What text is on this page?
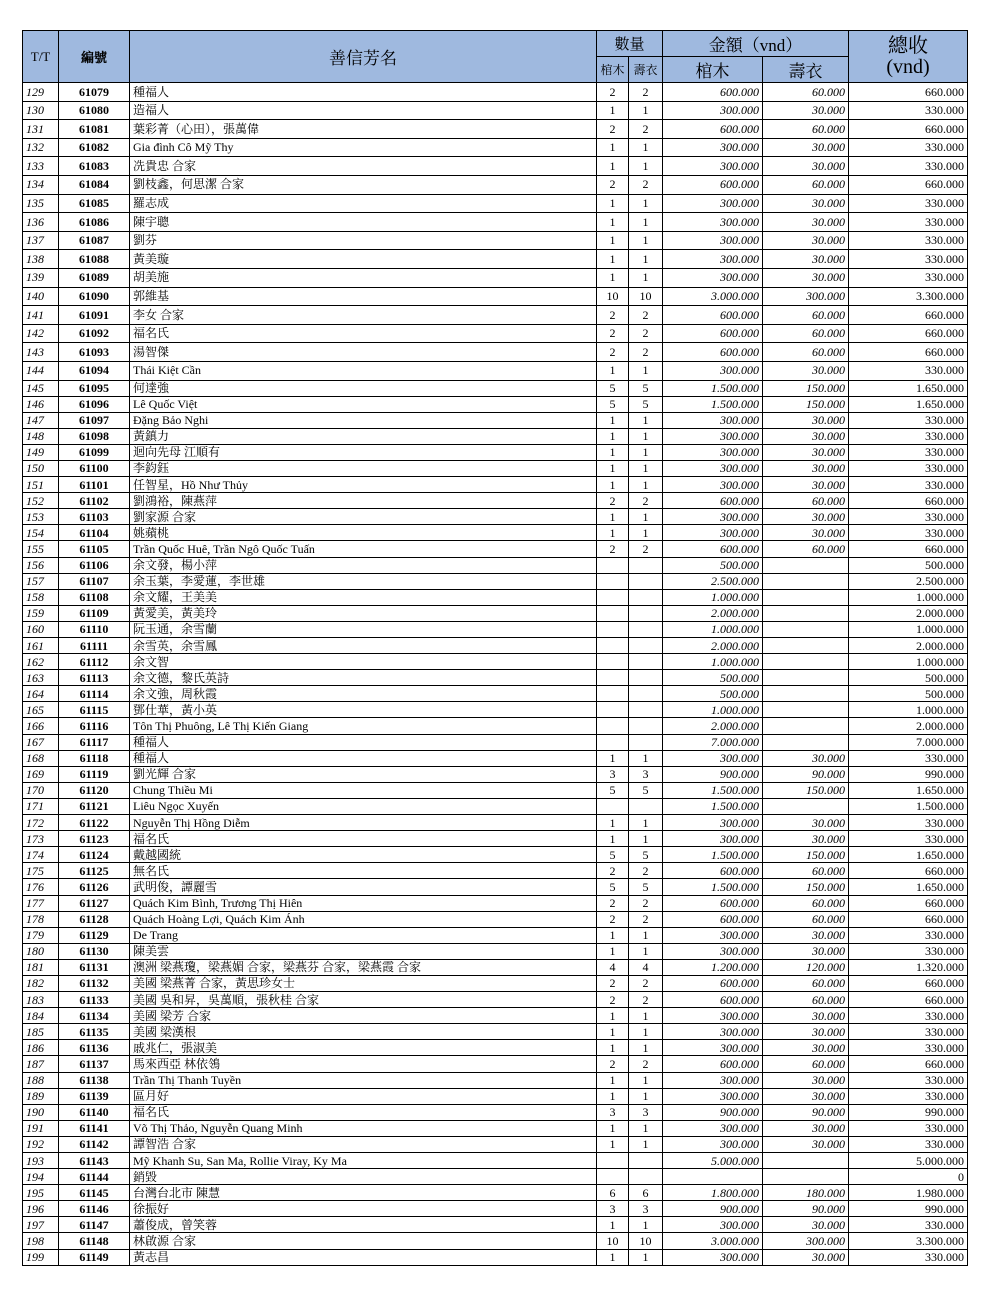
T/T	編號	善信芳名	數量		金額（vnd）		總收
(vnd)

			棺木	壽衣	棺木	壽衣	
129	61079	種福人	2	2	600.000	60.000	660.000
130	61080	造福人	1	1	300.000	30.000	330.000
131	61081	葉彩菁（心田），張萬偉	2	2	600.000	60.000	660.000
132	61082	Gia đình Cô Mỹ Thy	1	1	300.000	30.000	330.000
133	61083	冼貴忠 合家	1	1	300.000	30.000	330.000
134	61084	劉枝鑫，何思潔 合家	2	2	600.000	60.000	660.000
135	61085	羅志成	1	1	300.000	30.000	330.000
136	61086	陳宇聰	1	1	300.000	30.000	330.000
137	61087	劉芬	1	1	300.000	30.000	330.000
138	61088	黃美璇	1	1	300.000	30.000	330.000
139	61089	胡美施	1	1	300.000	30.000	330.000
140	61090	郭維基	10	10	3.000.000	300.000	3.300.000
141	61091	李女 合家	2	2	600.000	60.000	660.000
142	61092	福名氏	2	2	600.000	60.000	660.000
143	61093	湯智傑	2	2	600.000	60.000	660.000
144	61094	Thái Kiệt Cần	1	1	300.000	30.000	330.000
145	61095	何達強	5	5	1.500.000	150.000	1.650.000
146	61096	Lê Quốc Việt	5	5	1.500.000	150.000	1.650.000
147	61097	Đặng Bảo Nghi	1	1	300.000	30.000	330.000
148	61098	黃鎮力	1	1	300.000	30.000	330.000
149	61099	迴向先母 江順有	1	1	300.000	30.000	330.000
150	61100	李鈞鈺	1	1	300.000	30.000	330.000
151	61101	任智星，Hồ Như Thủy	1	1	300.000	30.000	330.000
152	61102	劉鴻裕，陳燕萍	2	2	600.000	60.000	660.000
153	61103	劉家源 合家	1	1	300.000	30.000	330.000
154	61104	姚蘋桃	1	1	300.000	30.000	330.000
155	61105	Trần Quốc Huê, Trần Ngô Quốc Tuấn	2	2	600.000	60.000	660.000
156	61106	余文發，楊小萍			500.000		500.000
157	61107	余玉葉，李愛蓮，李世雄			2.500.000		2.500.000
158	61108	余文耀，王美美			1.000.000		1.000.000
159	61109	黃愛美，黃美玲			2.000.000		2.000.000
160	61110	阮玉通，余雪蘭			1.000.000		1.000.000
161	61111	余雪英，余雪鳳			2.000.000		2.000.000
162	61112	余文智			1.000.000		1.000.000
163	61113	余文德，黎氏英詩			500.000		500.000
164	61114	余文強，周秋霞			500.000		500.000
165	61115	鄧仕華，黃小英			1.000.000		1.000.000
166	61116	Tôn Thị Phuông, Lê Thị Kiến Giang			2.000.000		2.000.000
167	61117	種福人			7.000.000		7.000.000
168	61118	種福人	1	1	300.000	30.000	330.000
169	61119	劉光輝 合家	3	3	900.000	90.000	990.000
170	61120	Chung Thiều Mi	5	5	1.500.000	150.000	1.650.000
171	61121	Liêu Ngọc Xuyến			1.500.000		1.500.000
172	61122	Nguyễn Thị Hồng Diễm	1	1	300.000	30.000	330.000
173	61123	福名氏	1	1	300.000	30.000	330.000
174	61124	戴越國統	5	5	1.500.000	150.000	1.650.000
175	61125	無名氏	2	2	600.000	60.000	660.000
176	61126	武明俊，譚麗雪	5	5	1.500.000	150.000	1.650.000
177	61127	Quách Kim Bình, Trương Thị Hiên	2	2	600.000	60.000	660.000
178	61128	Quách Hoàng Lợi, Quách Kim Ánh	2	2	600.000	60.000	660.000
179	61129	De Trang	1	1	300.000	30.000	330.000
180	61130	陳美雲	1	1	300.000	30.000	330.000
181	61131	澳洲 梁燕瓊，梁燕媚 合家，梁燕芬 合家，梁燕霞 合家	4	4	1.200.000	120.000	1.320.000
182	61132	美國 梁燕菁 合家，黃思珍女士	2	2	600.000	60.000	660.000
183	61133	美國 吳和昇，吳萬順，張秋桂 合家	2	2	600.000	60.000	660.000
184	61134	美國 梁芳 合家	1	1	300.000	30.000	330.000
185	61135	美國 梁漢根	1	1	300.000	30.000	330.000
186	61136	戚兆仁，張淑美	1	1	300.000	30.000	330.000
187	61137	馬來西亞 林依鴒	2	2	600.000	60.000	660.000
188	61138	Trần Thị Thanh Tuyền	1	1	300.000	30.000	330.000
189	61139	區月好	1	1	300.000	30.000	330.000
190	61140	福名氏	3	3	900.000	90.000	990.000
191	61141	Võ Thị Thảo, Nguyễn Quang Minh	1	1	300.000	30.000	330.000
192	61142	譚智浩 合家	1	1	300.000	30.000	330.000
193	61143	Mỹ Khanh Su, San Ma, Rollie Viray, Ky Ma			5.000.000		5.000.000
194	61144	銷毀					0
195	61145	台灣台北市 陳慧	6	6	1.800.000	180.000	1.980.000
196	61146	徐振好	3	3	900.000	90.000	990.000
197	61147	蕭俊成，曾笑蓉	1	1	300.000	30.000	330.000
198	61148	林啟源 合家	10	10	3.000.000	300.000	3.300.000
199	61149	黃志昌	1	1	300.000	30.000	330.000
